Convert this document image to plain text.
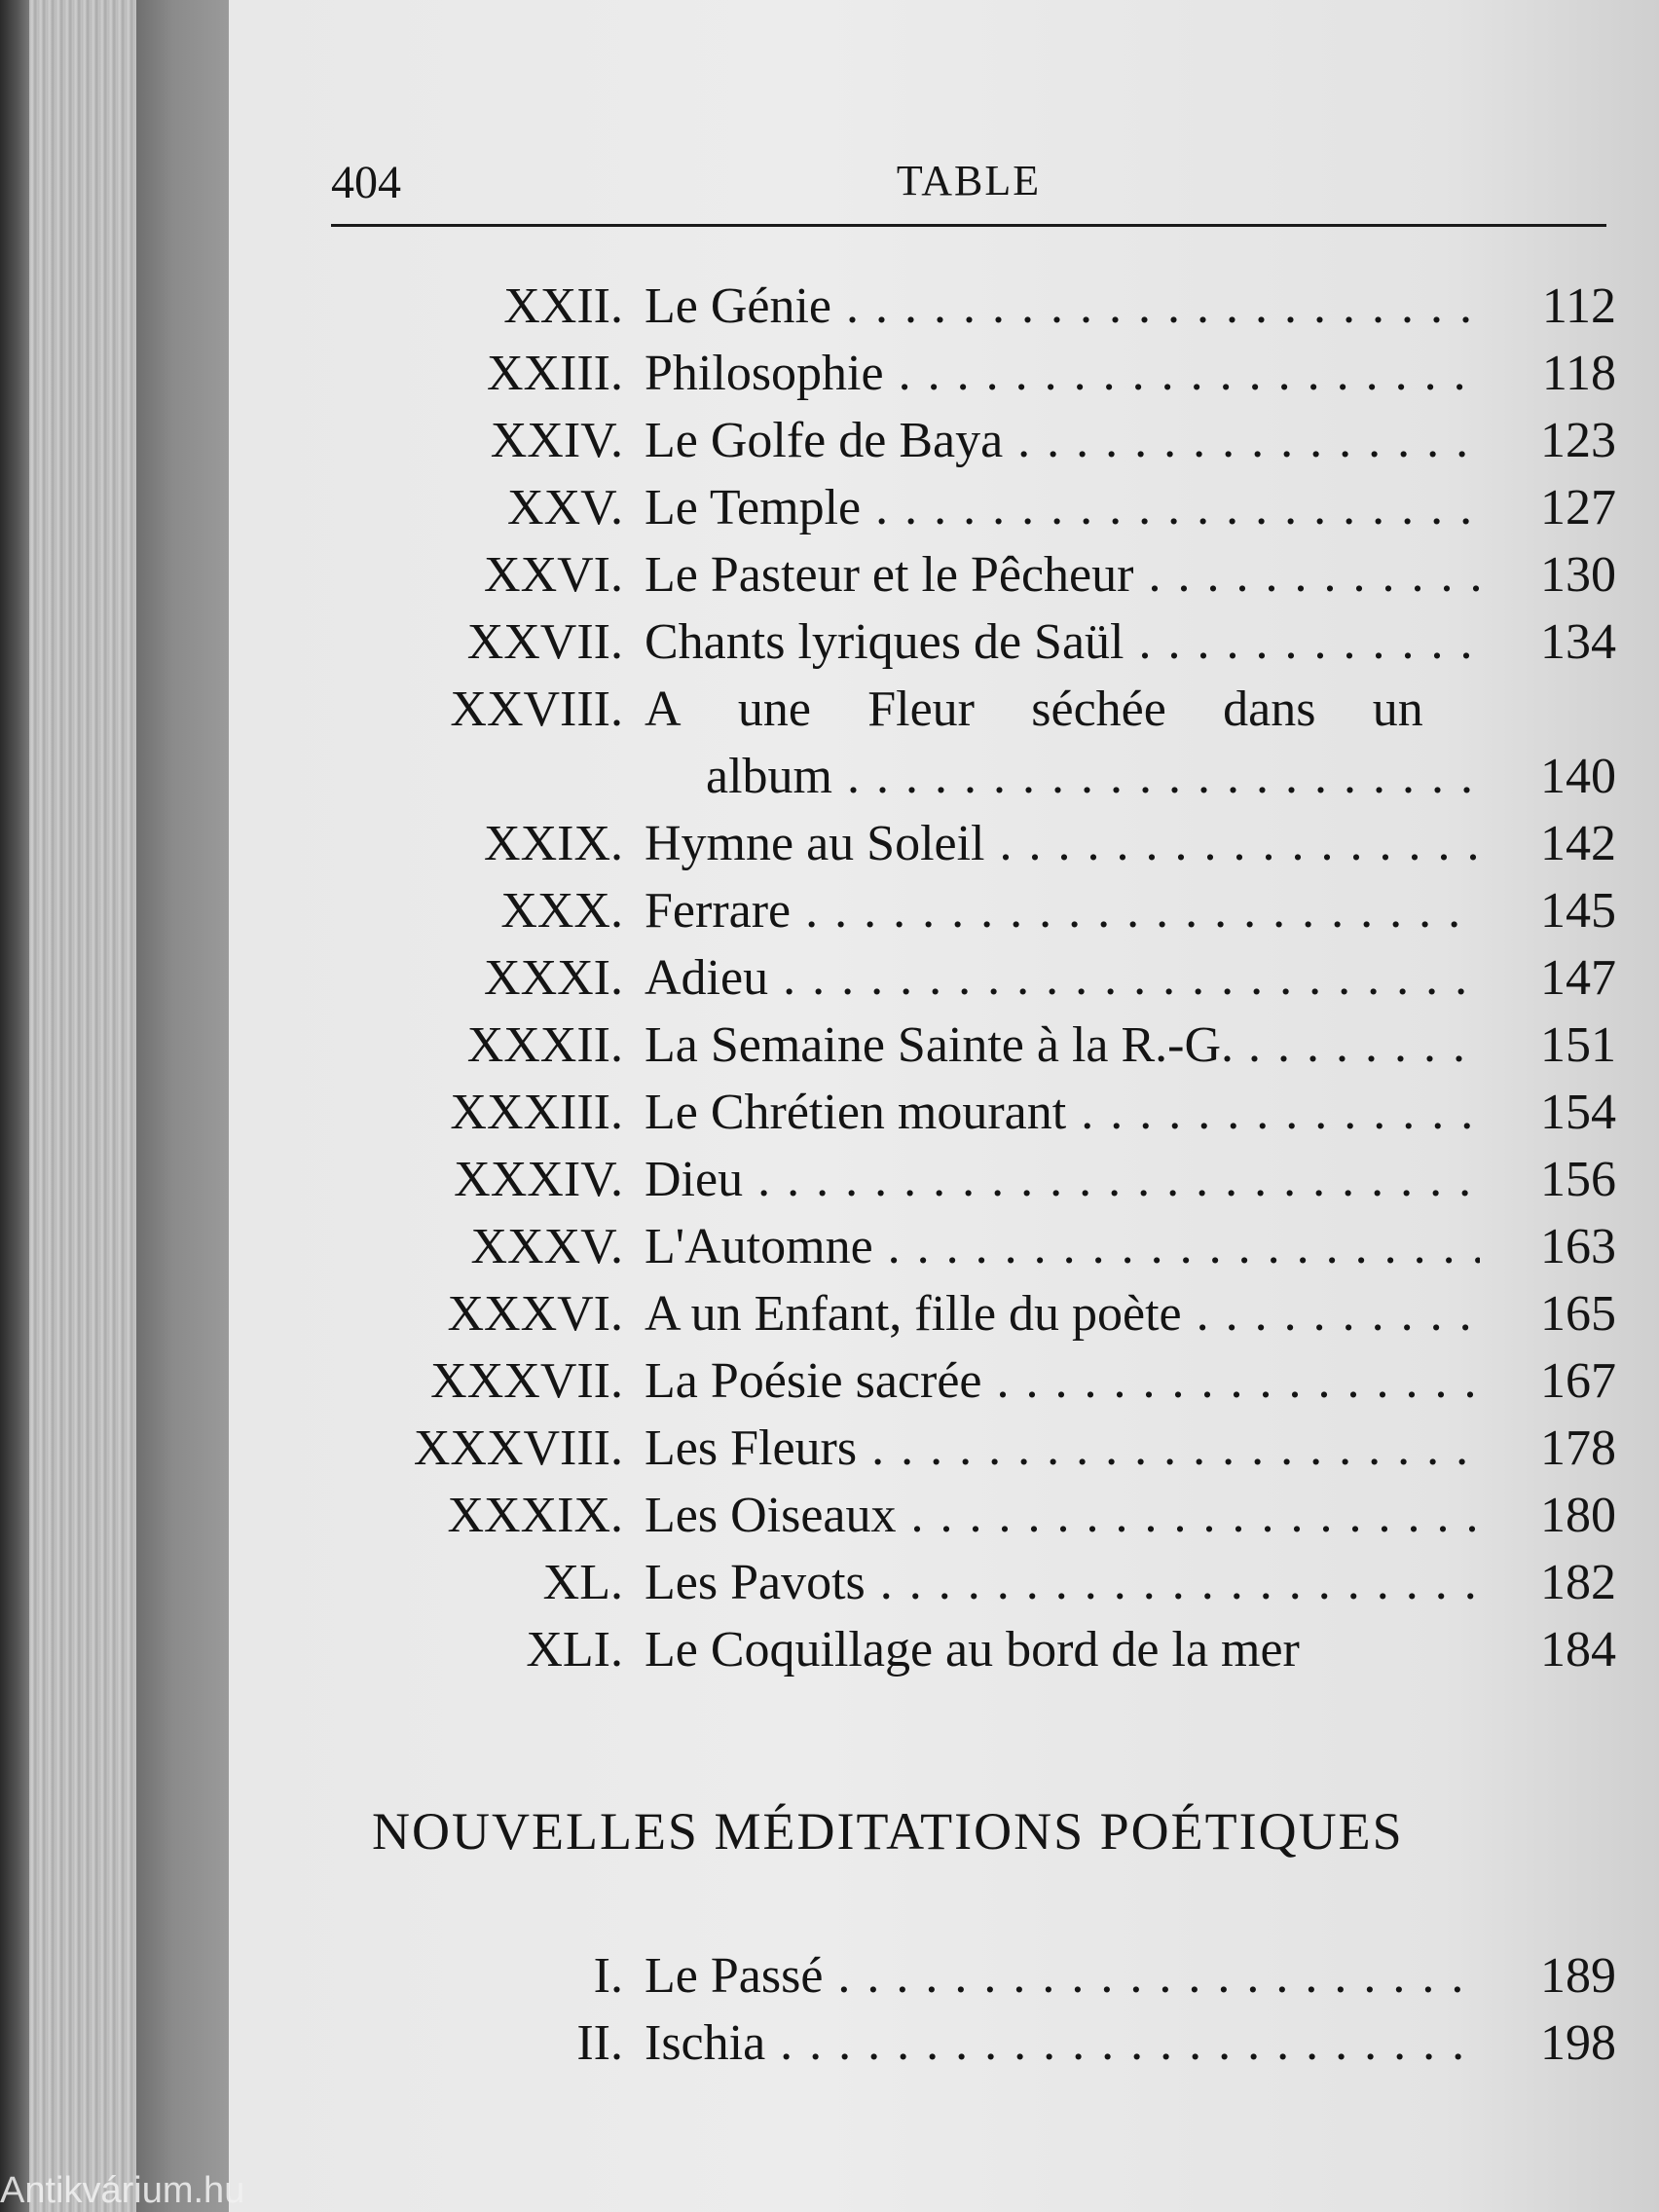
404	TABLE
XXII. Le Génie . . .	112
XXIII. Philosophie . . .	118
XXIV. Le Golfe de Baya . . .	123
XXV. Le Temple . . .	127
XXVI. Le Pasteur et le Pêcheur . . .	130
XXVII. Chants lyriques de Saül . . .	134
XXVIII. A une Fleur séchée dans un
album . . .	140
XXIX. Hymne au Soleil . . .	142
XXX. Ferrare . . .	145
XXXI. Adieu . . .	147
XXXII. La Semaine Sainte à la R.-G. . . .	151
XXXIII. Le Chrétien mourant . . .	154
XXXIV. Dieu . . .	156
XXXV. L'Automne . . .	163
XXXVI. A un Enfant, fille du poète . . .	165
XXXVII. La Poésie sacrée . . .	167
XXXVIII. Les Fleurs . . .	178
XXXIX. Les Oiseaux . . .	180
XL. Les Pavots . . .	182
XLI. Le Coquillage au bord de la mer	184
NOUVELLES MÉDITATIONS POÉTIQUES
I. Le Passé . . .	189
II. Ischia . . .	198
Antikvárium.hu
